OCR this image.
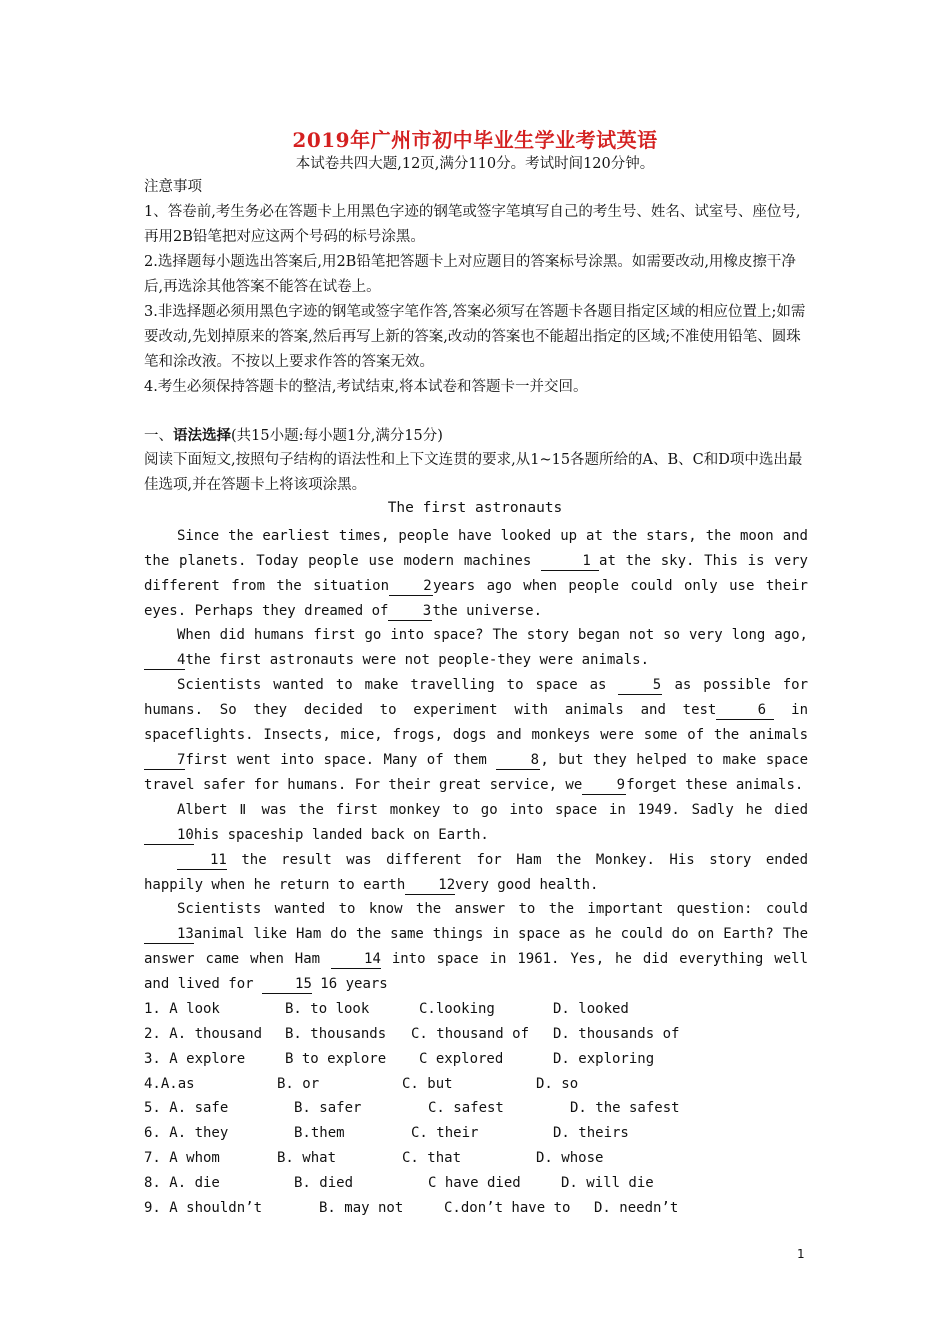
2019年广州市初中毕业生学业考试英语
本试卷共四大题,12页,满分110分。考试时间120分钟。
注意事项
1、答卷前,考生务必在答题卡上用黑色字迹的钢笔或签字笔填写自己的考生号、姓名、试室号、座位号,再用2B铅笔把对应这两个号码的标号涂黑。
2.选择题每小题选出答案后,用2B铅笔把答题卡上对应题目的答案标号涂黑。如需要改动,用橡皮擦干净后,再选涂其他答案不能答在试卷上。
3.非选择题必须用黑色字迹的钢笔或签字笔作答,答案必须写在答题卡各题目指定区域的相应位置上;如需要改动,先划掉原来的答案,然后再写上新的答案,改动的答案也不能超出指定的区域;不准使用铅笔、圆珠笔和涂改液。不按以上要求作答的答案无效。
4.考生必须保持答题卡的整洁,考试结束,将本试卷和答题卡一并交回。
一、语法选择(共15小题:每小题1分,满分15分)
阅读下面短文,按照句子结构的语法性和上下文连贯的要求,从1~15各题所给的A、B、C和D项中选出最佳选项,并在答题卡上将该项涂黑。
The first astronauts
Since the earliest times, people have looked up at the stars, the moon and the planets. Today people use modern machines	1 at the sky. This is very different from the situation 2years ago when people could only use their eyes. Perhaps they dreamed of 3the universe.
When did humans first go into space? The story began not so very long ago,4the first astronauts were not people-they were animals.
Scientists wanted to make travelling to space as 5 as possible for humans. So they decided to experiment with animals and test	6 in spaceflights. Insects, mice, frogs, dogs and monkeys were some of the animals 7first went into space. Many of them 8, but they helped to make space travel safer for humans. For their great service, we 9forget these animals.
Albert Ⅱ was the first monkey to go into space in 1949. Sadly he died 10his spaceship landed back on Earth.
11 the result was different for Ham the Monkey. His story ended happily when he return to earth 12very good health.
Scientists wanted to know the answer to the important question: could 13animal like Ham do the same things in space as he could do on Earth? The answer came when Ham 14 into space in 1961. Yes, he did everything well and lived for 15 16 years
1. A look	B. to look	C.looking	D. looked
2. A. thousand B. thousands C. thousand of D. thousands of
3. A explore	B to explore C explored	D. exploring
4.A.as	B. or	C. but	D. so
5. A. safe	B. safer	C. safest	D. the safest
6. A. they	B.them	C. their	D. theirs
7. A whom	B. what	C. that	D. whose
8. A. die	B. died	C have died	D. will die
9. A shouldn’t	B. may not	C.don’t have to D. needn’t
1
